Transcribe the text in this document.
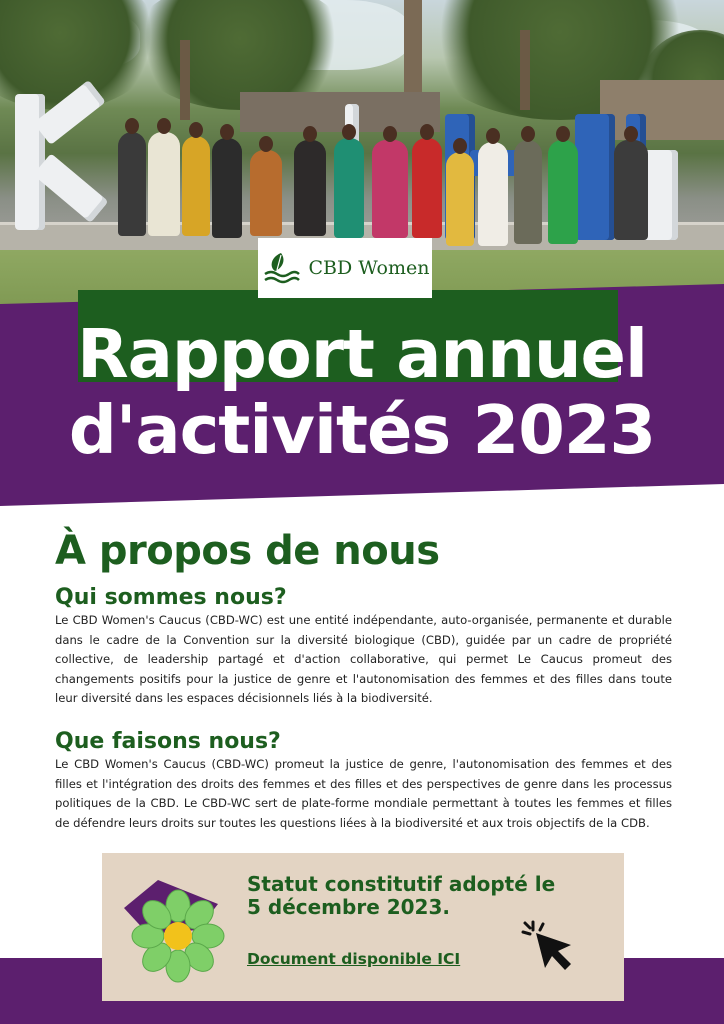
CBD Women
Rapport annuel
d'activités 2023
À propos de nous
Qui sommes nous?
Le CBD Women's Caucus (CBD-WC) est une entité indépendante, auto-organisée, permanente et durable dans le cadre de la Convention sur la diversité biologique (CBD), guidée par un cadre de propriété collective, de leadership partagé et d'action collaborative, qui permet Le Caucus promeut des changements positifs pour la justice de genre et l'autonomisation des femmes et des filles dans toute leur diversité dans les espaces décisionnels liés à la biodiversité.
Que faisons nous?
Le CBD Women's Caucus (CBD-WC) promeut la justice de genre, l'autonomisation des femmes et des filles et l'intégration des droits des femmes et des filles et des perspectives de genre dans les processus politiques de la CBD. Le CBD-WC sert de plate-forme mondiale permettant à toutes les femmes et filles de défendre leurs droits sur toutes les questions liées à la biodiversité et aux trois objectifs de la CDB.
Statut constitutif adopté le
5 décembre 2023.
Document disponible ICI
